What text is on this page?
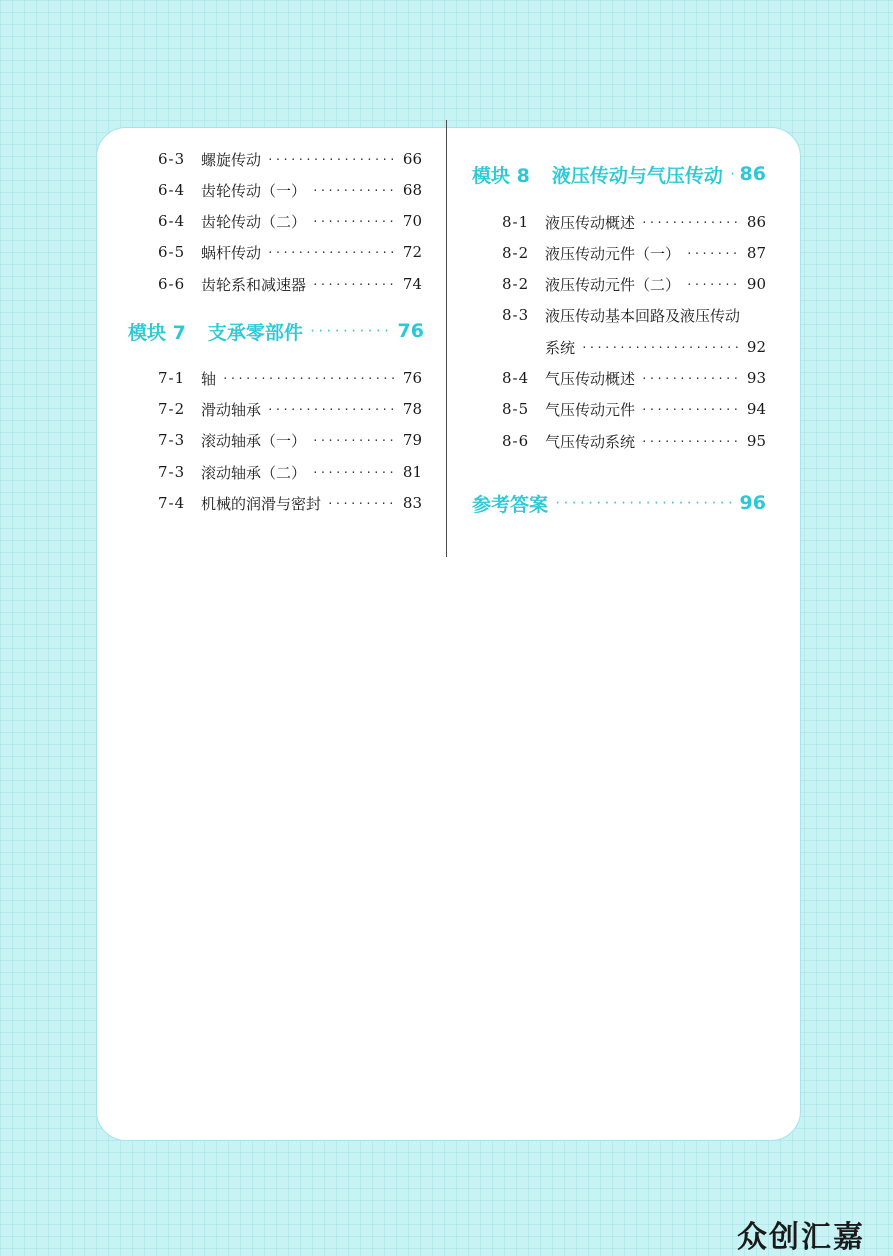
6-3	螺旋传动 ·····	66
6-4	齿轮传动（一） ·····	68
6-4	齿轮传动（二） ·····	70
6-5	蜗杆传动 ·····	72
6-6	齿轮系和减速器 ·····	74
模块 7 支承零部件 ·····	76
7-1	轴 ·····	76
7-2	滑动轴承 ·····	78
7-3	滚动轴承（一） ·····	79
7-3	滚动轴承（二） ·····	81
7-4	机械的润滑与密封 ·····	83
模块 8 液压传动与气压传动 ····· 86
8-1	液压传动概述 ·····	86
8-2	液压传动元件（一） ·····	87
8-2	液压传动元件（二） ·····	90
8-3	液压传动基本回路及液压传动
系统 ·····	92
8-4	气压传动概述 ·····	93
8-5	气压传动元件 ·····	94
8-6	气压传动系统 ·····	95
参考答案 ·····	96
众创汇嘉
